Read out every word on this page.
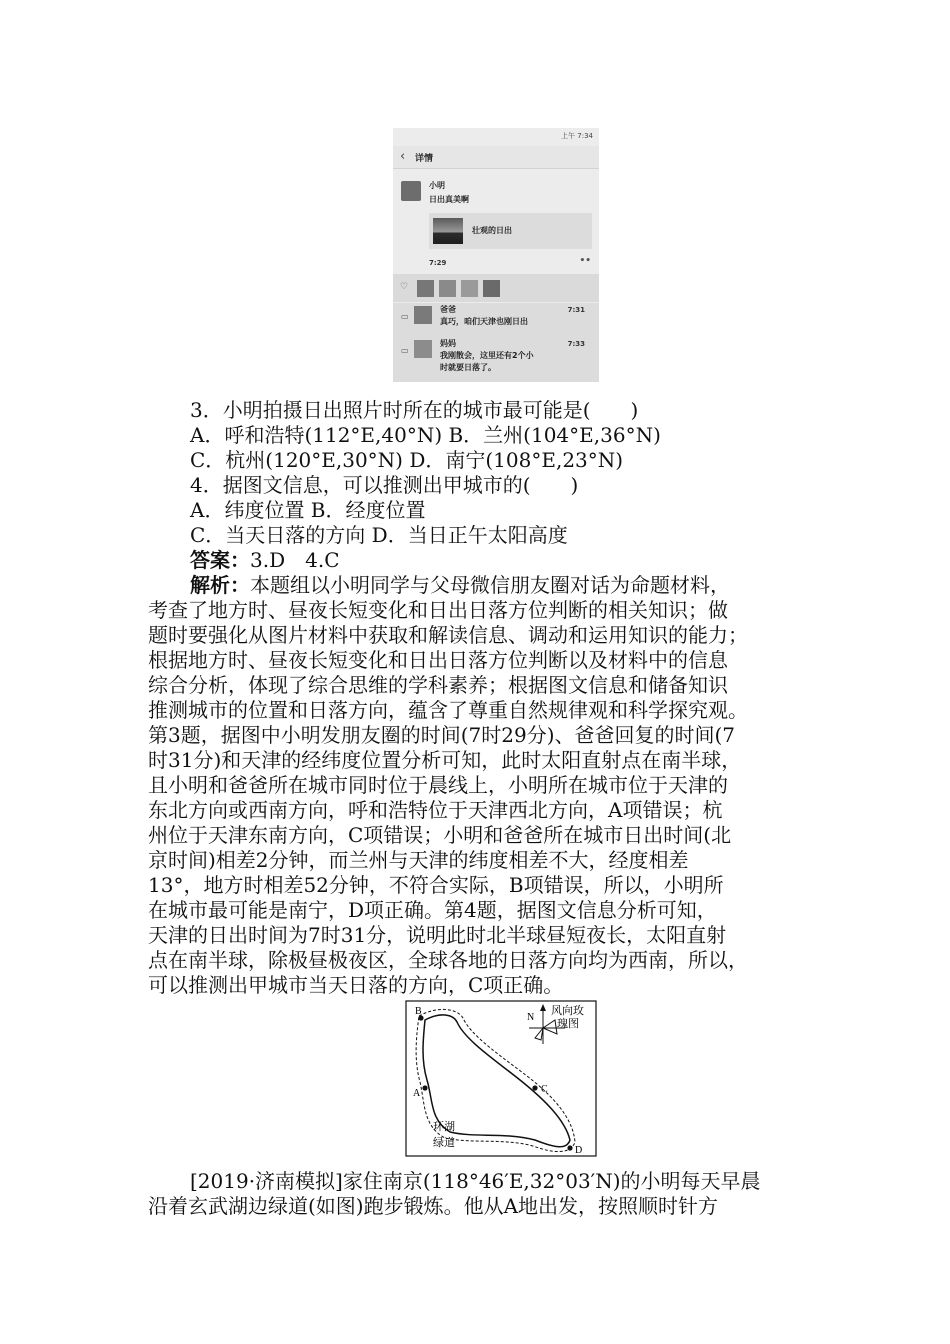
上午 7:34
‹ 详情
小明
日出真美啊
壮观的日出
7:29	••
♡
▭
爸爸	7:31
真巧，咱们天津也刚日出
▭
妈妈	7:33
我刚散会，这里还有2个小
时就要日落了。
3．小明拍摄日出照片时所在的城市最可能是(　　)
A．呼和浩特(112°E,40°N) B．兰州(104°E,36°N)
C．杭州(120°E,30°N) D．南宁(108°E,23°N)
4．据图文信息，可以推测出甲城市的(　　)
A．纬度位置 B．经度位置
C．当天日落的方向 D．当日正午太阳高度
答案：3.D　4.C
解析：本题组以小明同学与父母微信朋友圈对话为命题材料，
考查了地方时、昼夜长短变化和日出日落方位判断的相关知识；做
题时要强化从图片材料中获取和解读信息、调动和运用知识的能力；
根据地方时、昼夜长短变化和日出日落方位判断以及材料中的信息
综合分析，体现了综合思维的学科素养；根据图文信息和储备知识
推测城市的位置和日落方向，蕴含了尊重自然规律观和科学探究观。
第3题，据图中小明发朋友圈的时间(7时29分)、爸爸回复的时间(7
时31分)和天津的经纬度位置分析可知，此时太阳直射点在南半球，
且小明和爸爸所在城市同时位于晨线上，小明所在城市位于天津的
东北方向或西南方向，呼和浩特位于天津西北方向，A项错误；杭
州位于天津东南方向，C项错误；小明和爸爸所在城市日出时间(北
京时间)相差2分钟，而兰州与天津的纬度相差不大，经度相差
13°，地方时相差52分钟，不符合实际，B项错误，所以，小明所
在城市最可能是南宁，D项正确。第4题，据图文信息分析可知，
天津的日出时间为7时31分，说明此时北半球昼短夜长，太阳直射
点在南半球，除极昼极夜区，全球各地的日落方向均为西南，所以，
可以推测出甲城市当天日落的方向，C项正确。
B
A	C
D
N
风向玫
瑰图
环湖
绿道
[2019·济南模拟]家住南京(118°46′E,32°03′N)的小明每天早晨
沿着玄武湖边绿道(如图)跑步锻炼。他从A地出发，按照顺时针方
